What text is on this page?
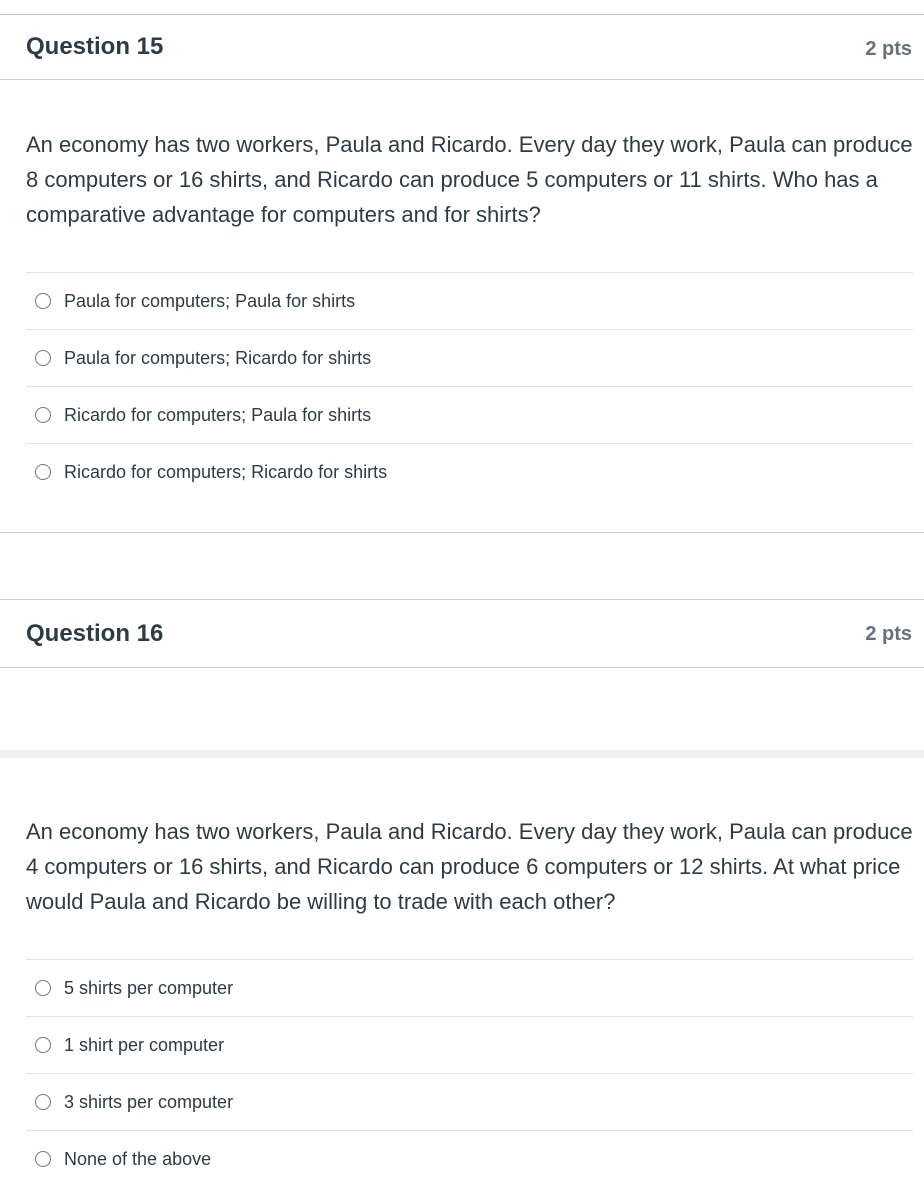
Question 15	2 pts
An economy has two workers, Paula and Ricardo. Every day they work, Paula can produce 8 computers or 16 shirts, and Ricardo can produce 5 computers or 11 shirts. Who has a comparative advantage for computers and for shirts?
Paula for computers; Paula for shirts
Paula for computers; Ricardo for shirts
Ricardo for computers; Paula for shirts
Ricardo for computers; Ricardo for shirts
Question 16	2 pts
An economy has two workers, Paula and Ricardo. Every day they work, Paula can produce 4 computers or 16 shirts, and Ricardo can produce 6 computers or 12 shirts. At what price would Paula and Ricardo be willing to trade with each other?
5 shirts per computer
1 shirt per computer
3 shirts per computer
None of the above
